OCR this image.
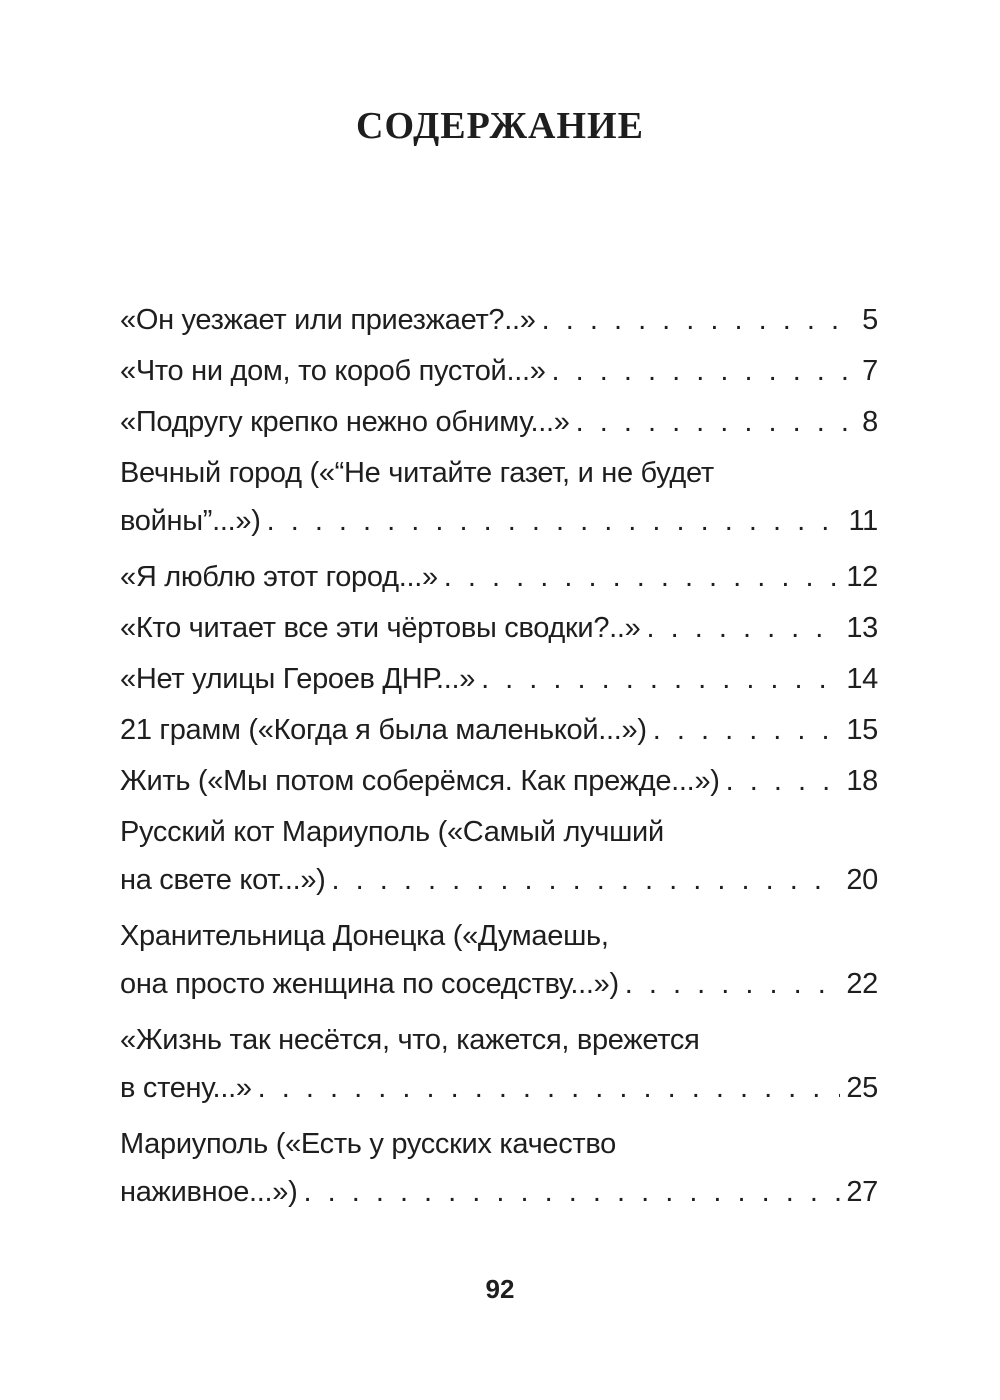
СОДЕРЖАНИЕ
«Он уезжает или приезжает?..» . . .	5
«Что ни дом, то короб пустой...» . . .	7
«Подругу крепко нежно обниму...» . . .	8
Вечный город («“Не читайте газет, и не будет
войны”...») . . .	11
«Я люблю этот город...» . . .	12
«Кто читает все эти чёртовы сводки?..» . . .	13
«Нет улицы Героев ДНР...» . . .	14
21 грамм («Когда я была маленькой...») . . .	15
Жить («Мы потом соберёмся. Как прежде...») . . .	18
Русский кот Мариуполь («Самый лучший
на свете кот...») . . .	20
Хранительница Донецка («Думаешь,
она просто женщина по соседству...») . . .	22
«Жизнь так несётся, что, кажется, врежется
в стену...» . . .	25
Мариуполь («Есть у русских качество
наживное...») . . .	27
92
